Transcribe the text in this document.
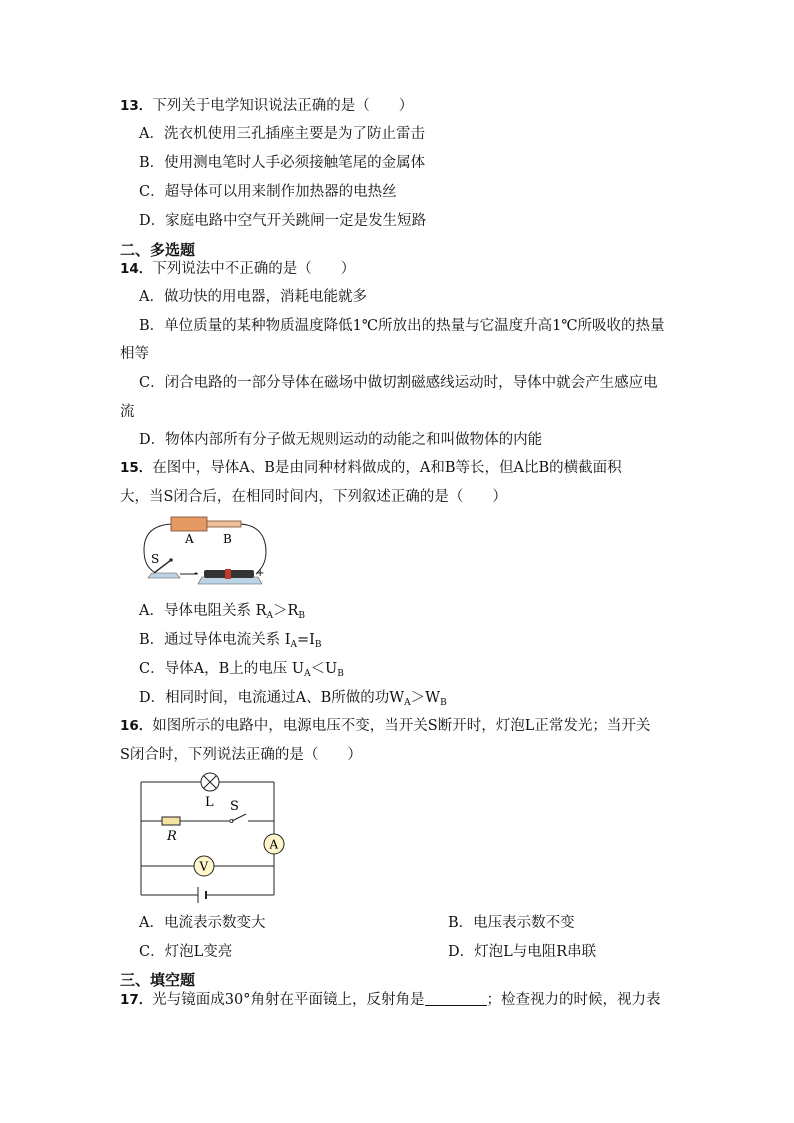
13．下列关于电学知识说法正确的是（　　）
A．洗衣机使用三孔插座主要是为了防止雷击
B．使用测电笔时人手必须接触笔尾的金属体
C．超导体可以用来制作加热器的电热丝
D．家庭电路中空气开关跳闸一定是发生短路
二、多选题
14．下列说法中不正确的是（　　）
A．做功快的用电器，消耗电能就多
B．单位质量的某种物质温度降低1℃所放出的热量与它温度升高1℃所吸收的热量
相等
C．闭合电路的一部分导体在磁场中做切割磁感线运动时，导体中就会产生感应电
流
D．物体内部所有分子做无规则运动的动能之和叫做物体的内能
15．在图中，导体A、B是由同种材料做成的，A和B等长，但A比B的横截面积
大，当S闭合后，在相同时间内，下列叙述正确的是（　　）
A B
S
-	+
A．导体电阻关系 $R_A>R_B$
B．通过导体电流关系 $I_A=I_B$
C．导体A，B上的电压 $U_A<U_B$
D．相同时间，电流通过A、B所做的功$W_A>W_B$
16．如图所示的电路中，电源电压不变，当开关S断开时，灯泡L正常发光；当开关
S闭合时，下列说法正确的是（　　）
L S
R
A
V
A．电流表示数变大	B．电压表示数不变
C．灯泡L变亮	D．灯泡L与电阻R串联
三、填空题
17．光与镜面成30°角射在平面镜上，反射角是	；检查视力的时候，视力表
